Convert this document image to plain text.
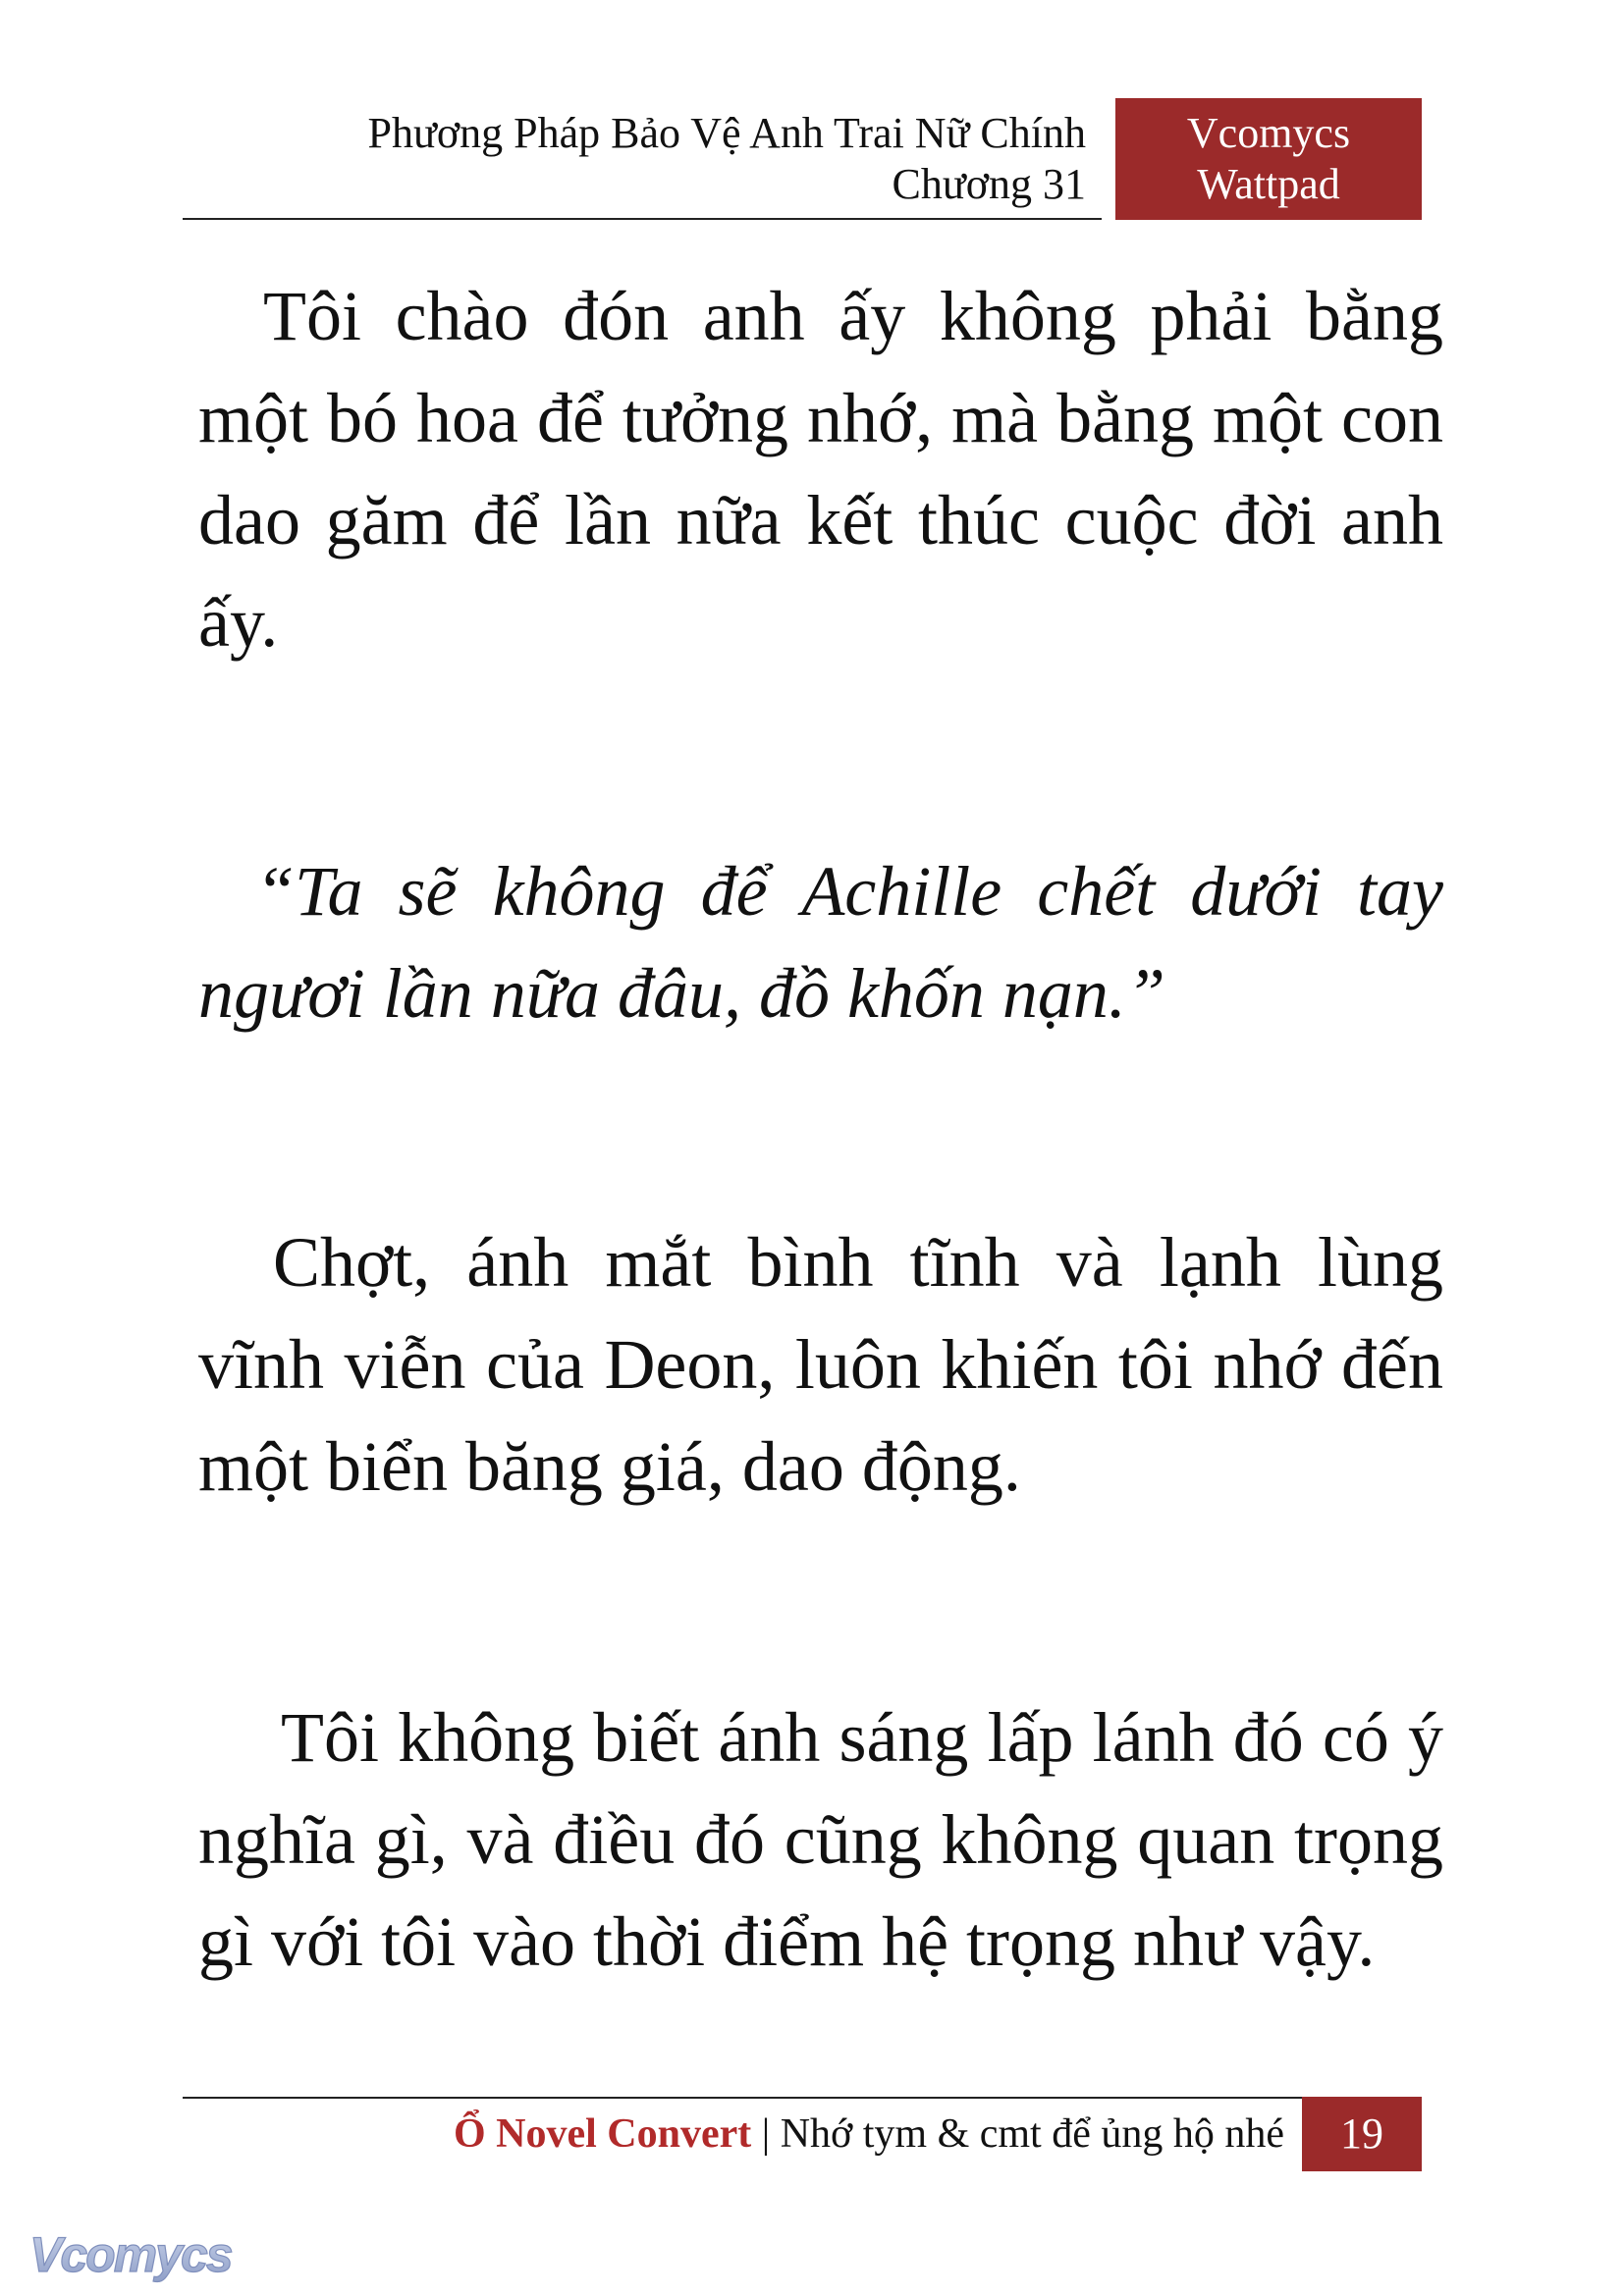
Phương Pháp Bảo Vệ Anh Trai Nữ Chính
Chương 31
Vcomycs
Wattpad

Tôi chào đón anh ấy không phải bằng một bó hoa để tưởng nhớ, mà bằng một con dao găm để lần nữa kết thúc cuộc đời anh ấy.

“Ta sẽ không để Achille chết dưới tay ngươi lần nữa đâu, đồ khốn nạn.”

Chợt, ánh mắt bình tĩnh và lạnh lùng vĩnh viễn của Deon, luôn khiến tôi nhớ đến một biển băng giá, dao động.

Tôi không biết ánh sáng lấp lánh đó có ý nghĩa gì, và điều đó cũng không quan trọng gì với tôi vào thời điểm hệ trọng như vậy.

Ổ Novel Convert | Nhớ tym & cmt để ủng hộ nhé	19
Vcomycs
